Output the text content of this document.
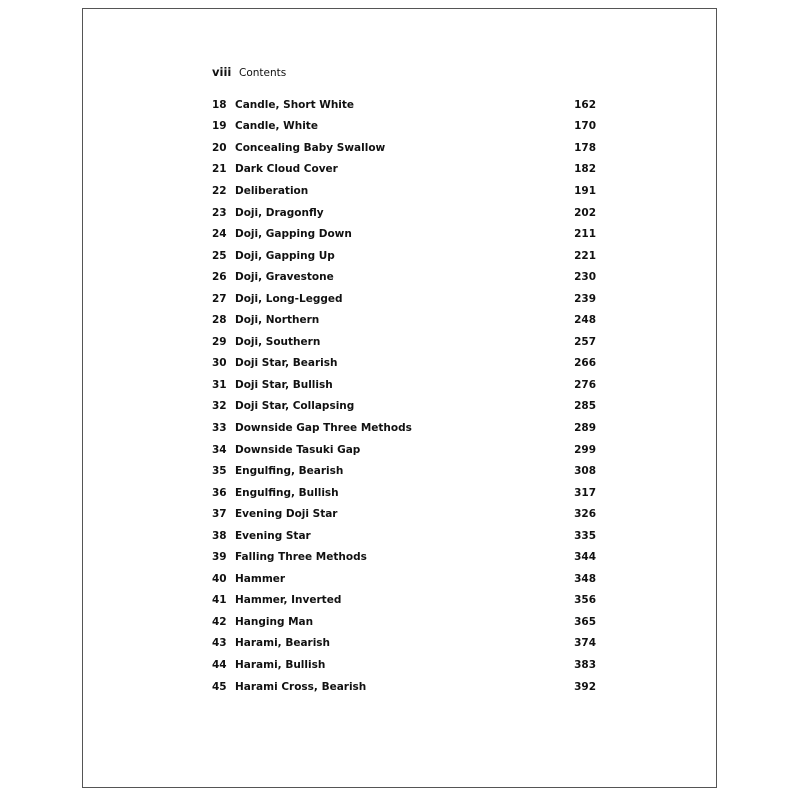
viii Contents
18 Candle, Short White	162
19 Candle, White	170
20 Concealing Baby Swallow	178
21 Dark Cloud Cover	182
22 Deliberation	191
23 Doji, Dragonfly	202
24 Doji, Gapping Down	211
25 Doji, Gapping Up	221
26 Doji, Gravestone	230
27 Doji, Long-Legged	239
28 Doji, Northern	248
29 Doji, Southern	257
30 Doji Star, Bearish	266
31 Doji Star, Bullish	276
32 Doji Star, Collapsing	285
33 Downside Gap Three Methods	289
34 Downside Tasuki Gap	299
35 Engulfing, Bearish	308
36 Engulfing, Bullish	317
37 Evening Doji Star	326
38 Evening Star	335
39 Falling Three Methods	344
40 Hammer	348
41 Hammer, Inverted	356
42 Hanging Man	365
43 Harami, Bearish	374
44 Harami, Bullish	383
45 Harami Cross, Bearish	392
